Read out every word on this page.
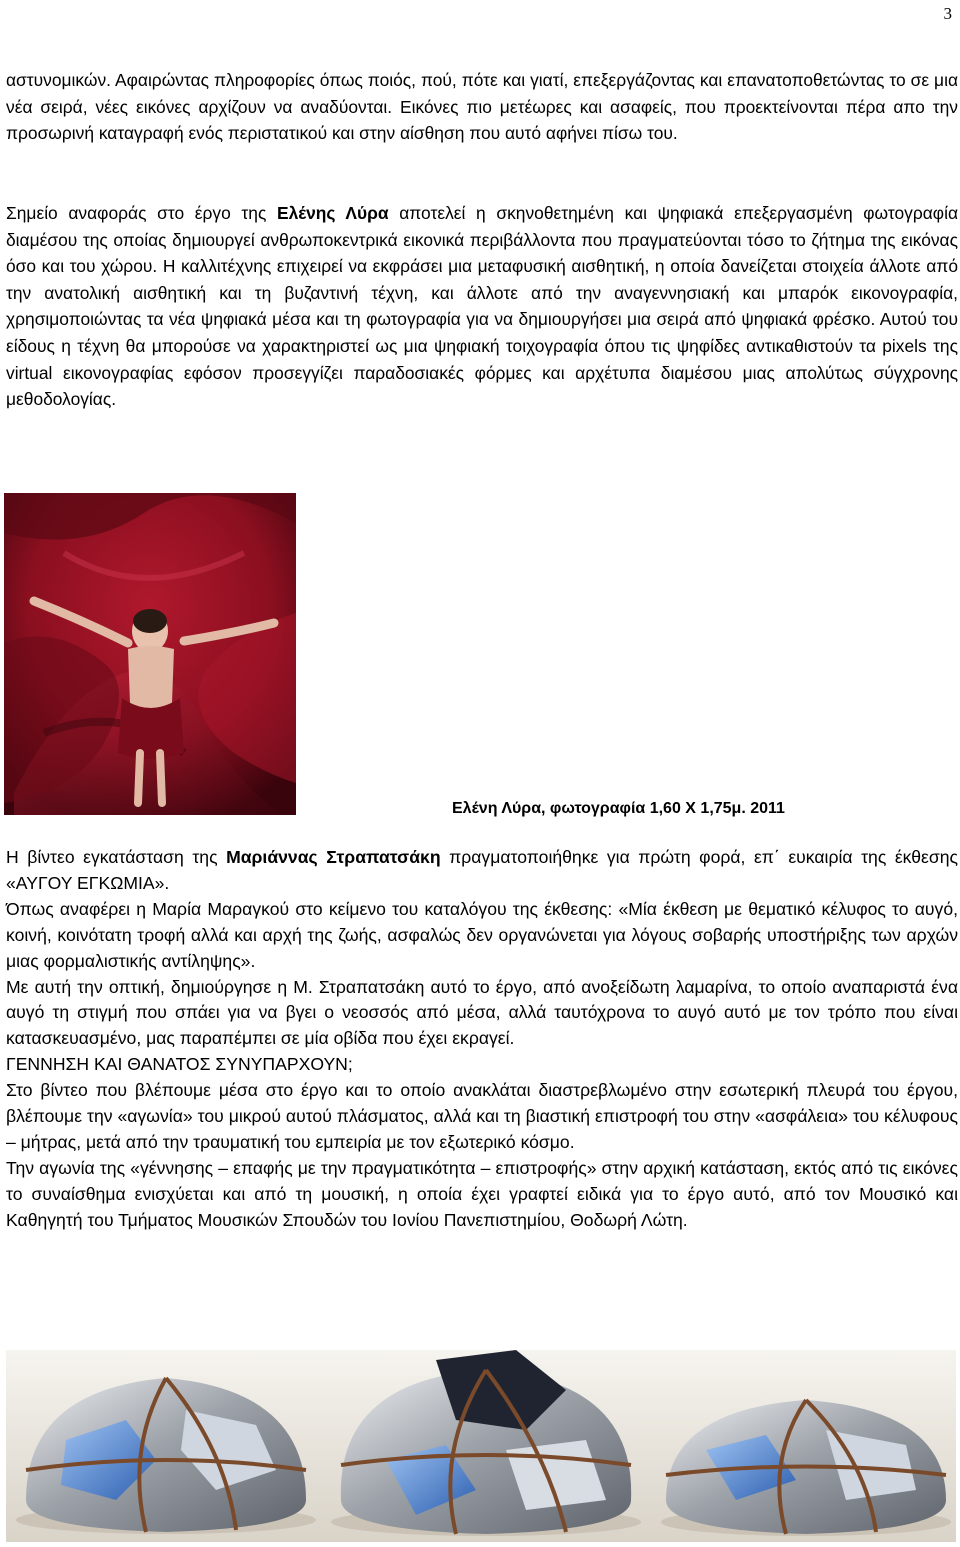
3

αστυνομικών. Αφαιρώντας πληροφορίες όπως ποιός, πού, πότε και γιατί, επεξεργάζοντας και επανατοποθετώντας το σε μια νέα σειρά, νέες εικόνες αρχίζουν να αναδύονται. Εικόνες πιο μετέωρες και ασαφείς, που προεκτείνονται πέρα απο την προσωρινή καταγραφή ενός περιστατικού και στην αίσθηση που αυτό αφήνει πίσω του.

Σημείο αναφοράς στο έργο της Ελένης Λύρα αποτελεί η σκηνοθετημένη και ψηφιακά επεξεργασμένη φωτογραφία διαμέσου της οποίας δημιουργεί ανθρωποκεντρικά εικονικά περιβάλλοντα που πραγματεύονται τόσο το ζήτημα της εικόνας όσο και του χώρου. Η καλλιτέχνης επιχειρεί να εκφράσει μια μεταφυσική αισθητική, η οποία δανείζεται στοιχεία άλλοτε από την ανατολική αισθητική και τη βυζαντινή τέχνη, και άλλοτε από την αναγεννησιακή και μπαρόκ εικονογραφία, χρησιμοποιώντας τα νέα ψηφιακά μέσα και τη φωτογραφία για να δημιουργήσει μια σειρά από ψηφιακά φρέσκο. Αυτού του είδους η τέχνη θα μπορούσε να χαρακτηριστεί ως μια ψηφιακή τοιχογραφία όπου τις ψηφίδες αντικαθιστούν τα pixels της virtual εικονογραφίας εφόσον προσεγγίζει παραδοσιακές φόρμες και αρχέτυπα διαμέσου μιας απολύτως σύγχρονης μεθοδολογίας.

Ελένη Λύρα, φωτογραφία 1,60 Χ 1,75μ. 2011

Η βίντεο εγκατάσταση της Μαριάννας Στραπατσάκη πραγματοποιήθηκε για πρώτη φορά, επ΄ ευκαιρία της έκθεσης «ΑΥΓΟΥ ΕΓΚΩΜΙΑ».

Όπως αναφέρει η Μαρία Μαραγκού στο κείμενο του καταλόγου της έκθεσης: «Μία έκθεση με θεματικό κέλυφος το αυγό, κοινή, κοινότατη τροφή αλλά και αρχή της ζωής, ασφαλώς δεν οργανώνεται για λόγους σοβαρής υποστήριξης των αρχών μιας φορμαλιστικής αντίληψης».

Με αυτή την οπτική, δημιούργησε η Μ. Στραπατσάκη αυτό το έργο, από ανοξείδωτη λαμαρίνα, το οποίο αναπαριστά ένα αυγό τη στιγμή που σπάει για να βγει ο νεοσσός από μέσα, αλλά ταυτόχρονα το αυγό αυτό με τον τρόπο που είναι κατασκευασμένο, μας παραπέμπει σε μία οβίδα που έχει εκραγεί.

ΓΕΝΝΗΣΗ ΚΑΙ ΘΑΝΑΤΟΣ ΣΥΝΥΠΑΡΧΟΥΝ;

Στο βίντεο που βλέπουμε μέσα στο έργο και το οποίο ανακλάται διαστρεβλωμένο στην εσωτερική πλευρά του έργου, βλέπουμε την «αγωνία» του μικρού αυτού πλάσματος, αλλά και τη βιαστική επιστροφή του στην «ασφάλεια» του κέλυφους – μήτρας, μετά από την τραυματική του εμπειρία με τον εξωτερικό κόσμο.

Την αγωνία της «γέννησης – επαφής με την πραγματικότητα – επιστροφής» στην αρχική κατάσταση, εκτός από τις εικόνες το συναίσθημα ενισχύεται και από τη μουσική, η οποία έχει γραφτεί ειδικά για το έργο αυτό, από τον Μουσικό και Καθηγητή του Τμήματος Μουσικών Σπουδών του Ιονίου Πανεπιστημίου, Θοδωρή Λώτη.
